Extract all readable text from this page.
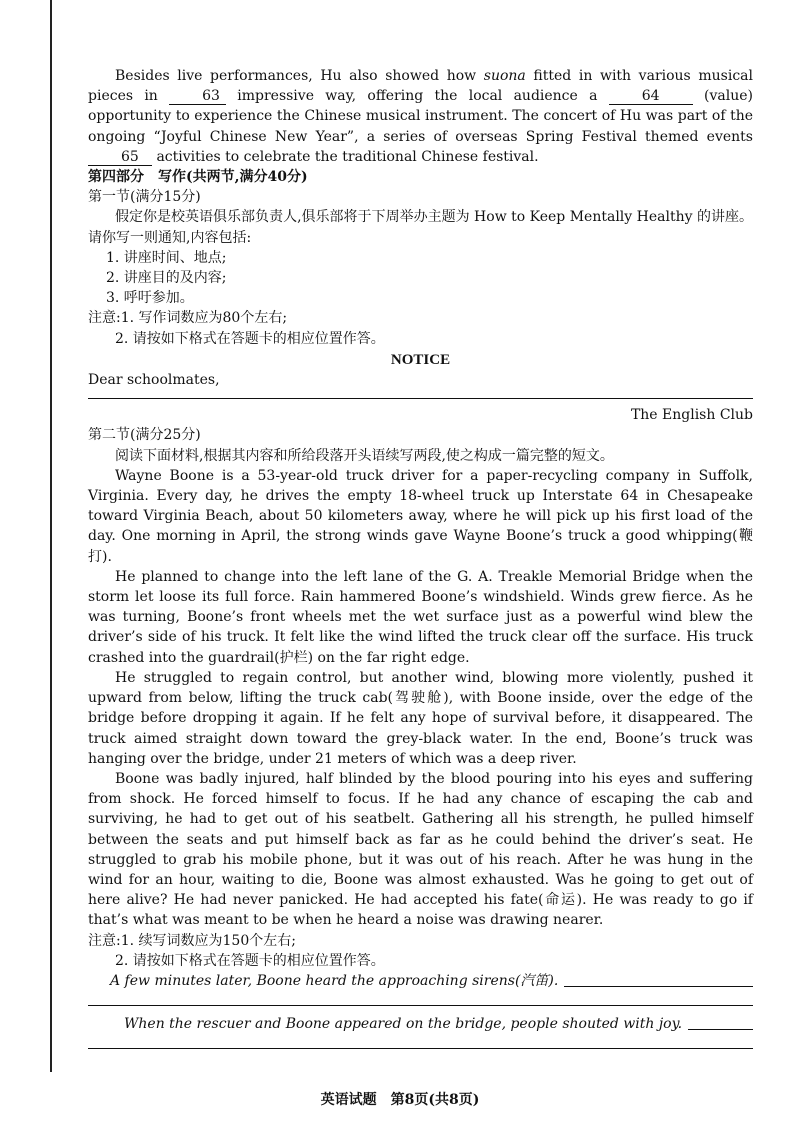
Besides live performances, Hu also showed how suona fitted in with various musical pieces in	63 impressive way, offering the local audience a	64	(value) opportunity to experience the Chinese musical instrument. The concert of Hu was part of the ongoing “Joyful Chinese New Year”, a series of overseas Spring Festival themed events 65 activities to celebrate the traditional Chinese festival.

第四部分　写作(共两节,满分40分)

第一节(满分15分)

假定你是校英语俱乐部负责人,俱乐部将于下周举办主题为 How to Keep Mentally Healthy 的讲座。请你写一则通知,内容包括:

1. 讲座时间、地点;

2. 讲座目的及内容;

3. 呼吁参加。

注意:1. 写作词数应为80个左右;

2. 请按如下格式在答题卡的相应位置作答。

NOTICE

Dear schoolmates,

The English Club

第二节(满分25分)

阅读下面材料,根据其内容和所给段落开头语续写两段,使之构成一篇完整的短文。

Wayne Boone is a 53-year-old truck driver for a paper-recycling company in Suffolk, Virginia. Every day, he drives the empty 18-wheel truck up Interstate 64 in Chesapeake toward Virginia Beach, about 50 kilometers away, where he will pick up his first load of the day. One morning in April, the strong winds gave Wayne Boone’s truck a good whipping(鞭打).

He planned to change into the left lane of the G. A. Treakle Memorial Bridge when the storm let loose its full force. Rain hammered Boone’s windshield. Winds grew fierce. As he was turning, Boone’s front wheels met the wet surface just as a powerful wind blew the driver’s side of his truck. It felt like the wind lifted the truck clear off the surface. His truck crashed into the guardrail(护栏) on the far right edge.

He struggled to regain control, but another wind, blowing more violently, pushed it upward from below, lifting the truck cab(驾驶舱), with Boone inside, over the edge of the bridge before dropping it again. If he felt any hope of survival before, it disappeared. The truck aimed straight down toward the grey-black water. In the end, Boone’s truck was hanging over the bridge, under 21 meters of which was a deep river.

Boone was badly injured, half blinded by the blood pouring into his eyes and suffering from shock. He forced himself to focus. If he had any chance of escaping the cab and surviving, he had to get out of his seatbelt. Gathering all his strength, he pulled himself between the seats and put himself back as far as he could behind the driver’s seat. He struggled to grab his mobile phone, but it was out of his reach. After he was hung in the wind for an hour, waiting to die, Boone was almost exhausted. Was he going to get out of here alive? He had never panicked. He had accepted his fate(命运). He was ready to go if that’s what was meant to be when he heard a noise was drawing nearer.

注意:1. 续写词数应为150个左右;

2. 请按如下格式在答题卡的相应位置作答。

A few minutes later, Boone heard the approaching sirens(汽笛).
When the rescuer and Boone appeared on the bridge, people shouted with joy.
英语试题　第8页(共8页)
